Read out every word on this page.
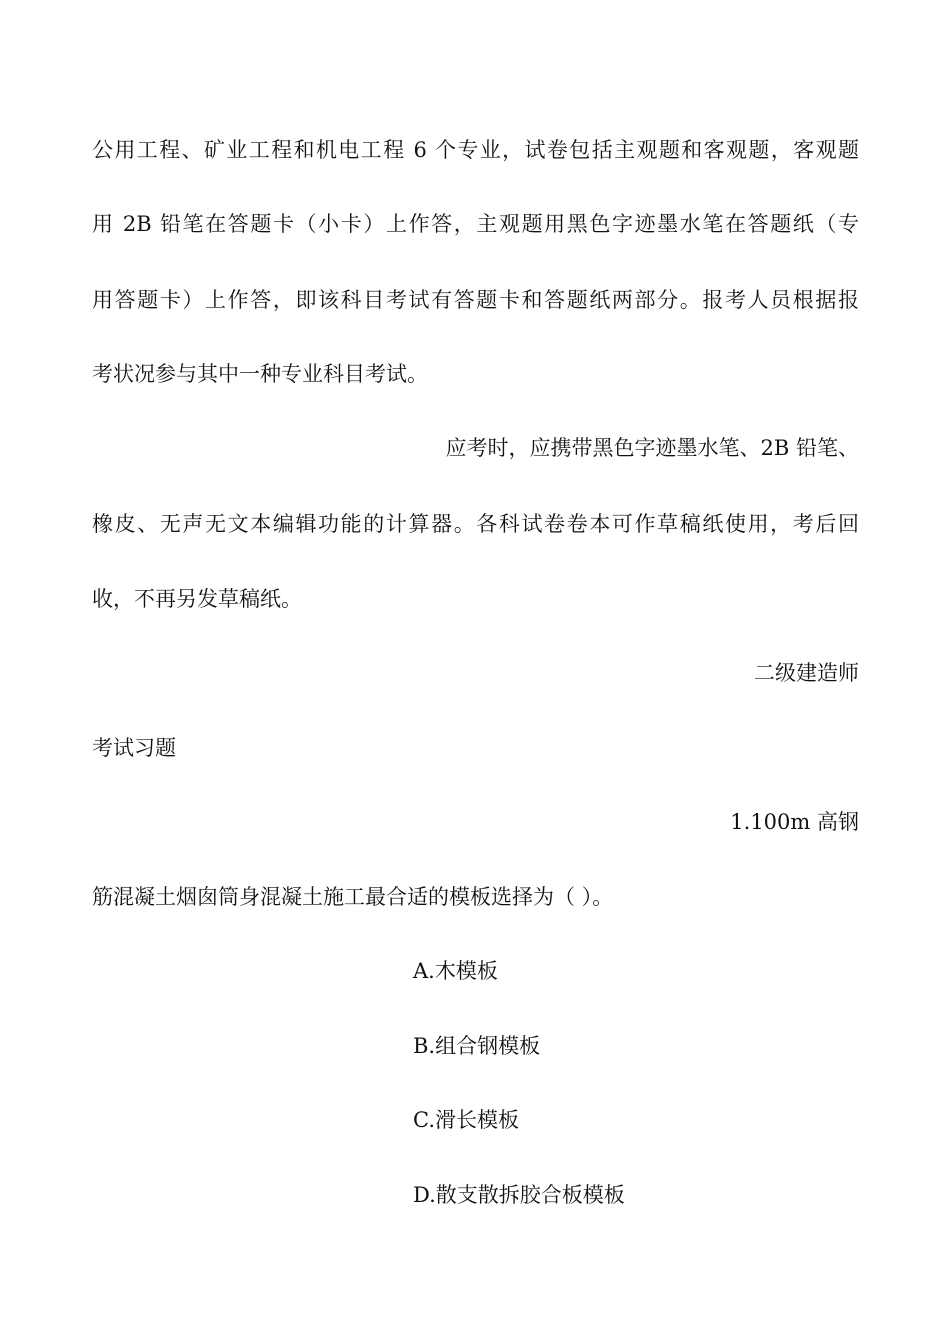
公用工程、矿业工程和机电工程 6 个专业，试卷包括主观题和客观题，客观题
用 2B 铅笔在答题卡（小卡）上作答，主观题用黑色字迹墨水笔在答题纸（专
用答题卡）上作答，即该科目考试有答题卡和答题纸两部分。报考人员根据报
考状况参与其中一种专业科目考试。
应考时，应携带黑色字迹墨水笔、2B 铅笔、
橡皮、无声无文本编辑功能的计算器。各科试卷卷本可作草稿纸使用，考后回
收，不再另发草稿纸。
二级建造师
考试习题
1.100m 高钢
筋混凝土烟囱筒身混凝土施工最合适的模板选择为（ ）。
A.木模板
B.组合钢模板
C.滑长模板
D.散支散拆胶合板模板
